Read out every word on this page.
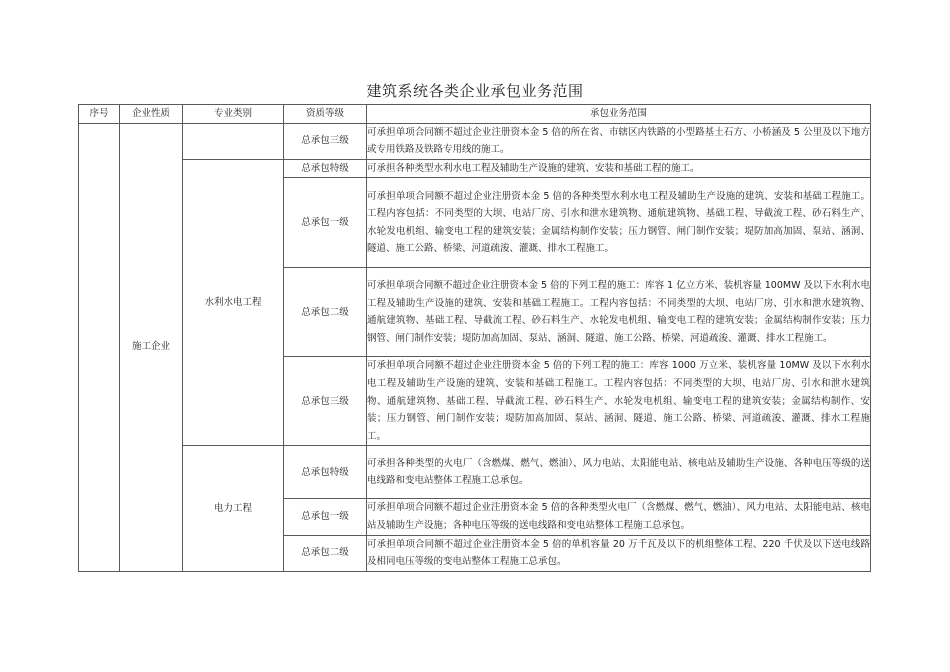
建筑系统各类企业承包业务范围
序号	企业性质	专业类别	资质等级	承包业务范围
	施工企业		总承包三级	可承担单项合同额不超过企业注册资本金 5 倍的所在省、市辖区内铁路的小型路基土石方、小桥涵及 5 公里及以下地方或专用铁路及铁路专用线的施工。
		水利水电工程	总承包特级	可承担各种类型水利水电工程及辅助生产设施的建筑、安装和基础工程的施工。
			总承包一级	可承担单项合同额不超过企业注册资本金 5 倍的各种类型水利水电工程及辅助生产设施的建筑、安装和基础工程施工。工程内容包括：不同类型的大坝、电站厂房、引水和泄水建筑物、通航建筑物、基础工程、导截流工程、砂石料生产、水轮发电机组、输变电工程的建筑安装；金属结构制作安装；压力钢管、闸门制作安装；堤防加高加固、泵站、涵洞、隧道、施工公路、桥梁、河道疏浚、灌溉、排水工程施工。
			总承包二级	可承担单项合同额不超过企业注册资本金 5 倍的下列工程的施工：库容 1 亿立方米、装机容量 100MW 及以下水利水电工程及辅助生产设施的建筑、安装和基础工程施工。工程内容包括：不同类型的大坝、电站厂房、引水和泄水建筑物、通航建筑物、基础工程、导截流工程、砂石料生产、水轮发电机组、输变电工程的建筑安装；金属结构制作安装；压力钢管、闸门制作安装；堤防加高加固、泵站、涵洞、隧道、施工公路、桥梁、河道疏浚、灌溉、排水工程施工。
			总承包三级	可承担单项合同额不超过企业注册资本金 5 倍的下列工程的施工：库容 1000 万立米、装机容量 10MW 及以下水利水电工程及辅助生产设施的建筑、安装和基础工程施工。工程内容包括：不同类型的大坝、电站厂房、引水和泄水建筑物、通航建筑物、基础工程、导截流工程、砂石料生产、水轮发电机组、输变电工程的建筑安装；金属结构制作、安装；压力钢管、闸门制作安装；堤防加高加固、泵站、涵洞、隧道、施工公路、桥梁、河道疏浚、灌溉、排水工程施工。
		电力工程	总承包特级	可承担各种类型的火电厂（含燃煤、燃气、燃油）、风力电站、太阳能电站、核电站及辅助生产设施、各种电压等级的送电线路和变电站整体工程施工总承包。
			总承包一级	可承担单项合同额不超过企业注册资本金 5 倍的各种类型火电厂（含燃煤、燃气、燃油）、风力电站、太阳能电站、核电站及辅助生产设施；各种电压等级的送电线路和变电站整体工程施工总承包。
			总承包二级	可承担单项合同额不超过企业注册资本金 5 倍的单机容量 20 万千瓦及以下的机组整体工程、220 千伏及以下送电线路及相同电压等级的变电站整体工程施工总承包。
